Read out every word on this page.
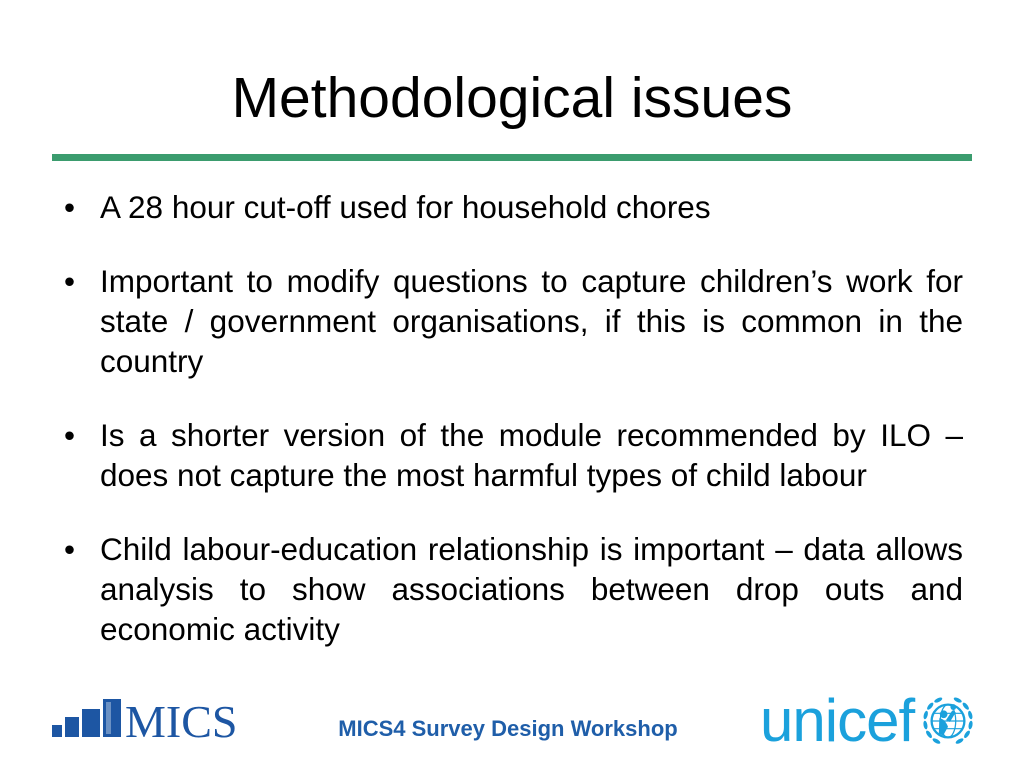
Methodological issues
• A 28 hour cut-off used for household chores
• Important to modify questions to capture children’s work for state / government organisations, if this is common in the country
• Is a shorter version of the module recommended by ILO – does not capture the most harmful types of child labour
• Child labour-education relationship is important – data allows analysis to show associations between drop outs and economic activity
MICS	MICS4 Survey Design Workshop	unicef
